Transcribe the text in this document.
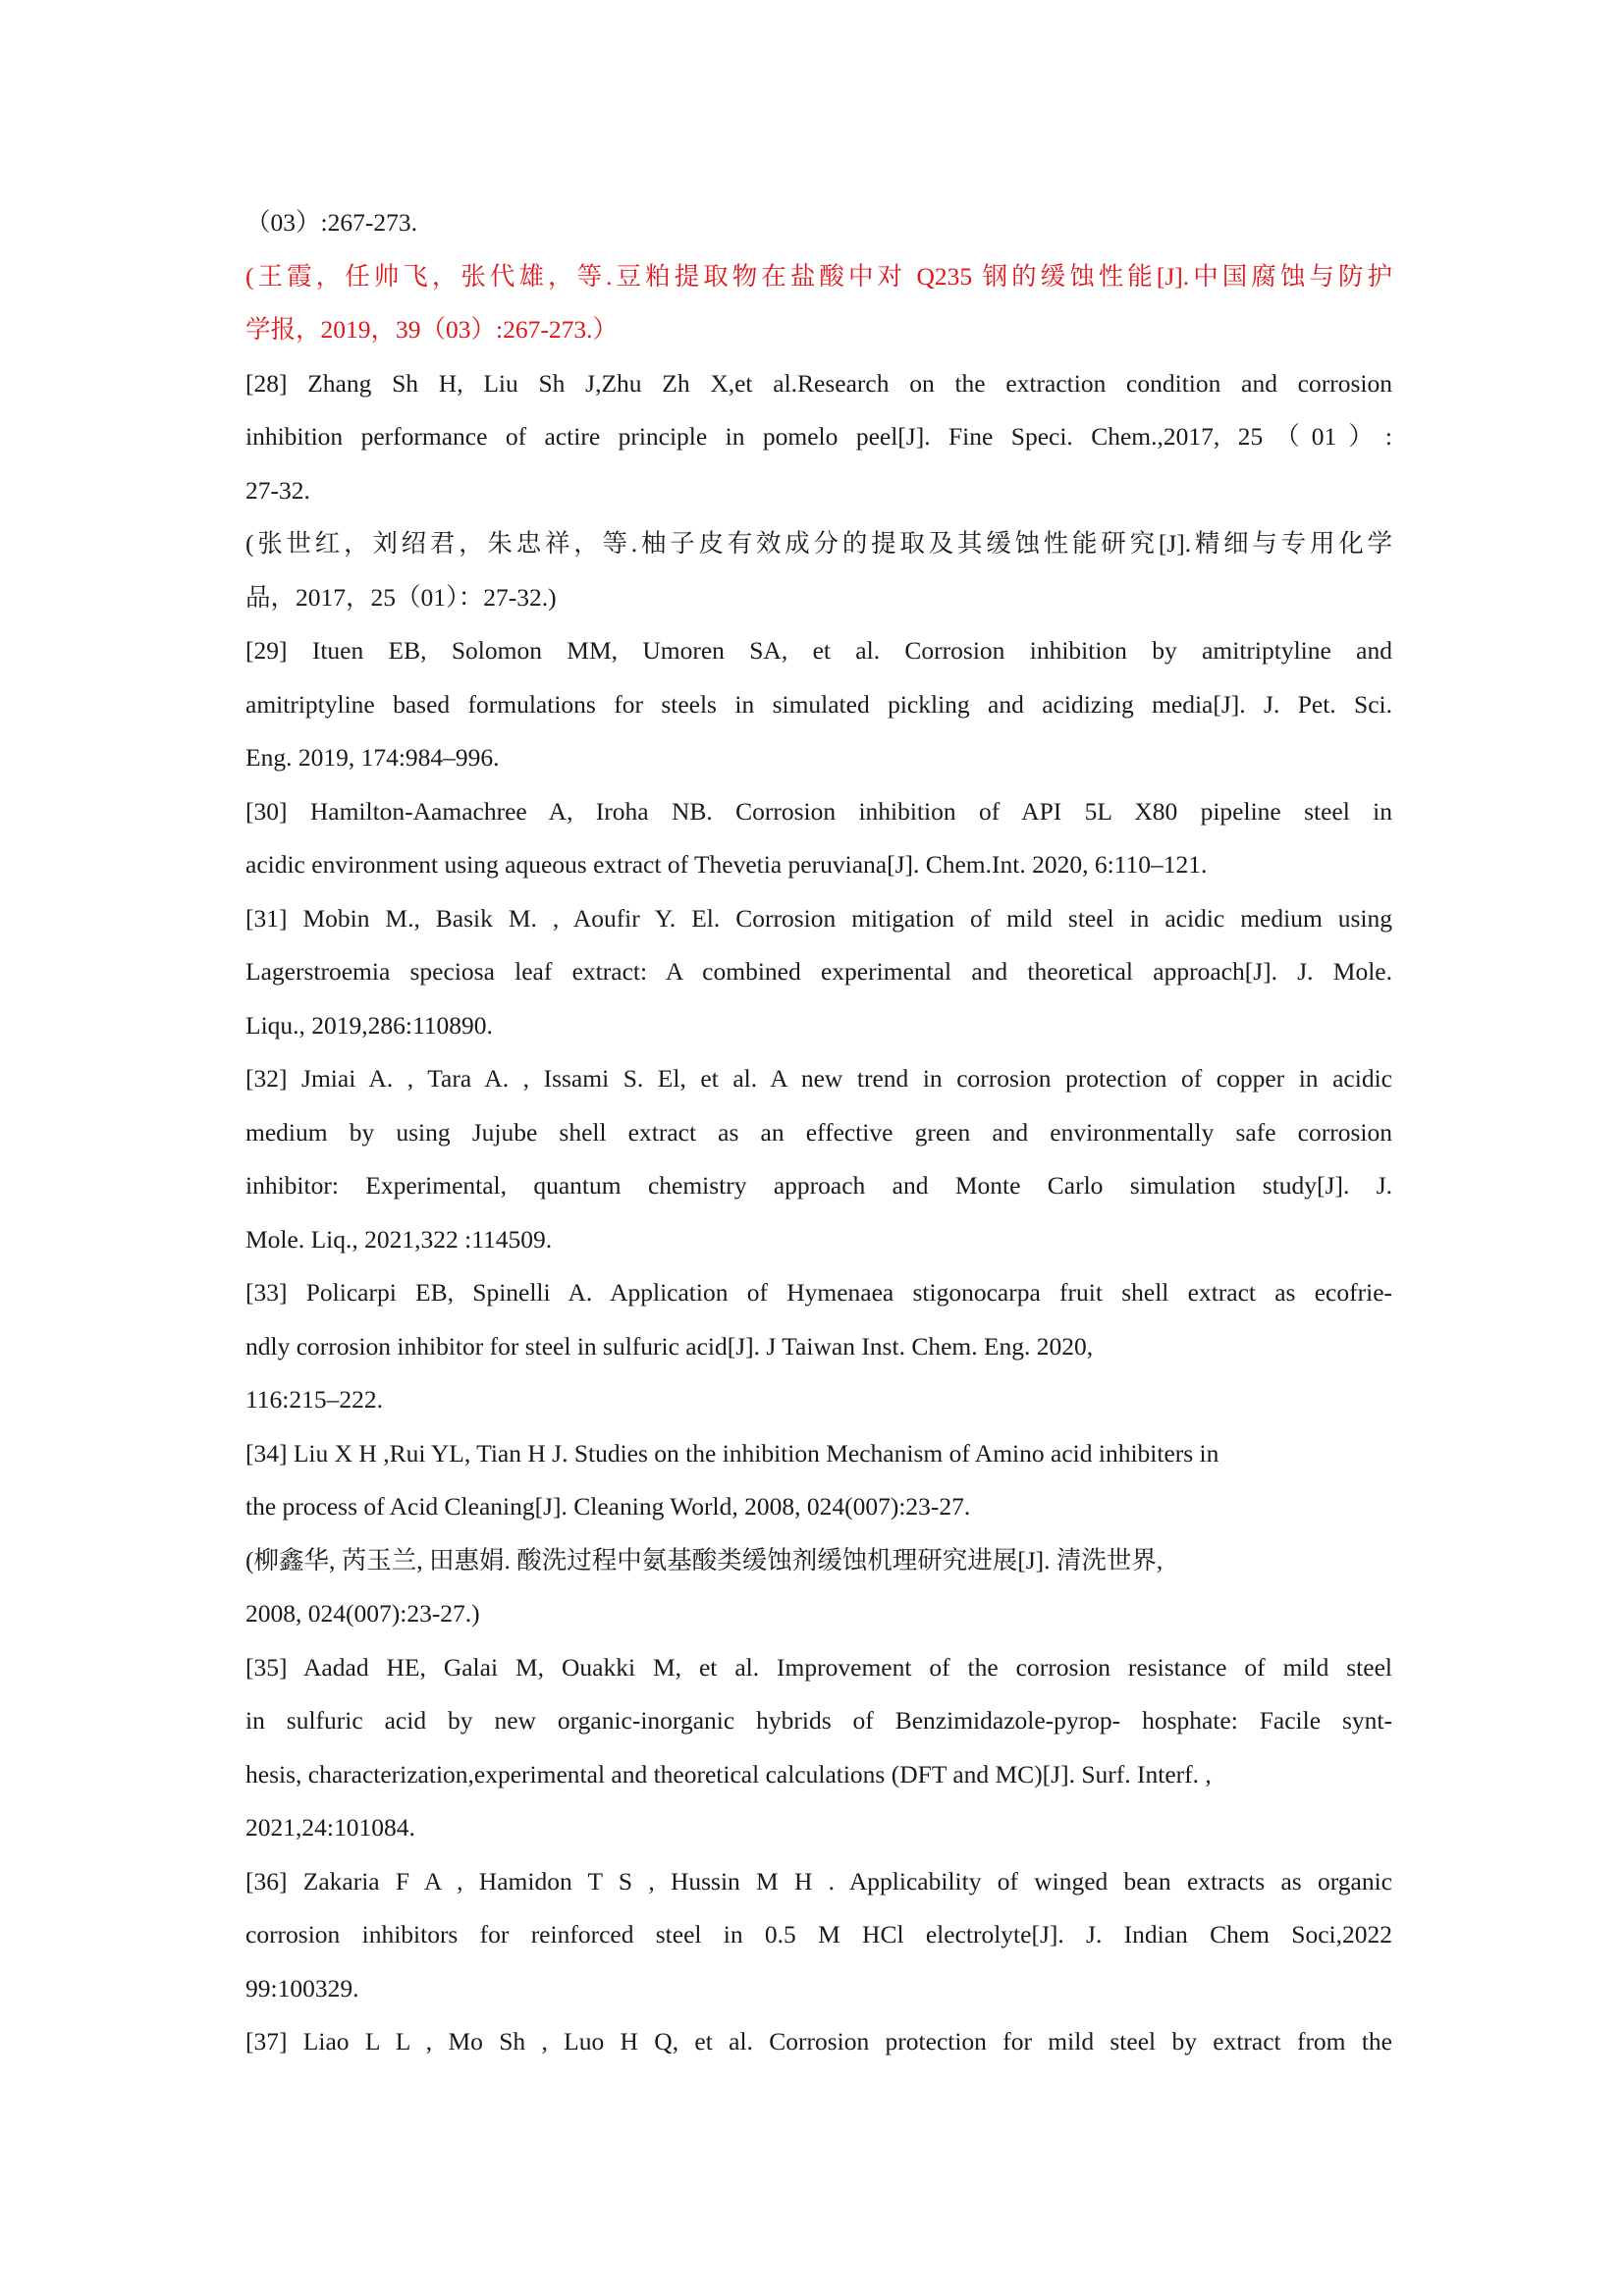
（03）:267-273.
(王霞，任帅飞，张代雄，等.豆粕提取物在盐酸中对 Q235 钢的缓蚀性能[J].中国腐蚀与防护
学报，2019，39（03）:267-273.）
[28] Zhang Sh H, Liu Sh J,Zhu Zh X,et al.Research on the extraction condition and corrosion
inhibition performance of actire principle in pomelo peel[J]. Fine Speci. Chem.,2017, 25（01）:
27-32.
(张世红，刘绍君，朱忠祥，等.柚子皮有效成分的提取及其缓蚀性能研究[J].精细与专用化学
品，2017，25（01）：27-32.)
[29] Ituen EB, Solomon MM, Umoren SA, et al. Corrosion inhibition by amitriptyline and
amitriptyline based formulations for steels in simulated pickling and acidizing media[J]. J. Pet. Sci.
Eng. 2019, 174:984–996.
[30] Hamilton-Aamachree A, Iroha NB. Corrosion inhibition of API 5L X80 pipeline steel in
acidic environment using aqueous extract of Thevetia peruviana[J]. Chem.Int. 2020, 6:110–121.
[31] Mobin M., Basik M. , Aoufir Y. El. Corrosion mitigation of mild steel in acidic medium using
Lagerstroemia speciosa leaf extract: A combined experimental and theoretical approach[J]. J. Mole.
Liqu., 2019,286:110890.
[32] Jmiai A. , Tara A. , Issami S. El, et al. A new trend in corrosion protection of copper in acidic
medium by using Jujube shell extract as an effective green and environmentally safe corrosion
inhibitor: Experimental, quantum chemistry approach and Monte Carlo simulation study[J]. J.
Mole. Liq., 2021,322 :114509.
[33] Policarpi EB, Spinelli A. Application of Hymenaea stigonocarpa fruit shell extract as ecofrie-
ndly corrosion inhibitor for steel in sulfuric acid[J]. J Taiwan Inst. Chem. Eng. 2020,
116:215–222.
[34] Liu X H ,Rui YL, Tian H J. Studies on the inhibition Mechanism of Amino acid inhibiters in
the process of Acid Cleaning[J]. Cleaning World, 2008, 024(007):23-27.
(柳鑫华, 芮玉兰, 田惠娟. 酸洗过程中氨基酸类缓蚀剂缓蚀机理研究进展[J]. 清洗世界,
2008, 024(007):23-27.)
[35] Aadad HE, Galai M, Ouakki M, et al. Improvement of the corrosion resistance of mild steel
in sulfuric acid by new organic-inorganic hybrids of Benzimidazole-pyrop- hosphate: Facile synt-
hesis, characterization,experimental and theoretical calculations (DFT and MC)[J]. Surf. Interf. ,
2021,24:101084.
[36] Zakaria F A , Hamidon T S , Hussin M H . Applicability of winged bean extracts as organic
corrosion inhibitors for reinforced steel in 0.5 M HCl electrolyte[J]. J. Indian Chem Soci,2022
99:100329.
[37] Liao L L , Mo Sh , Luo H Q, et al. Corrosion protection for mild steel by extract from the
